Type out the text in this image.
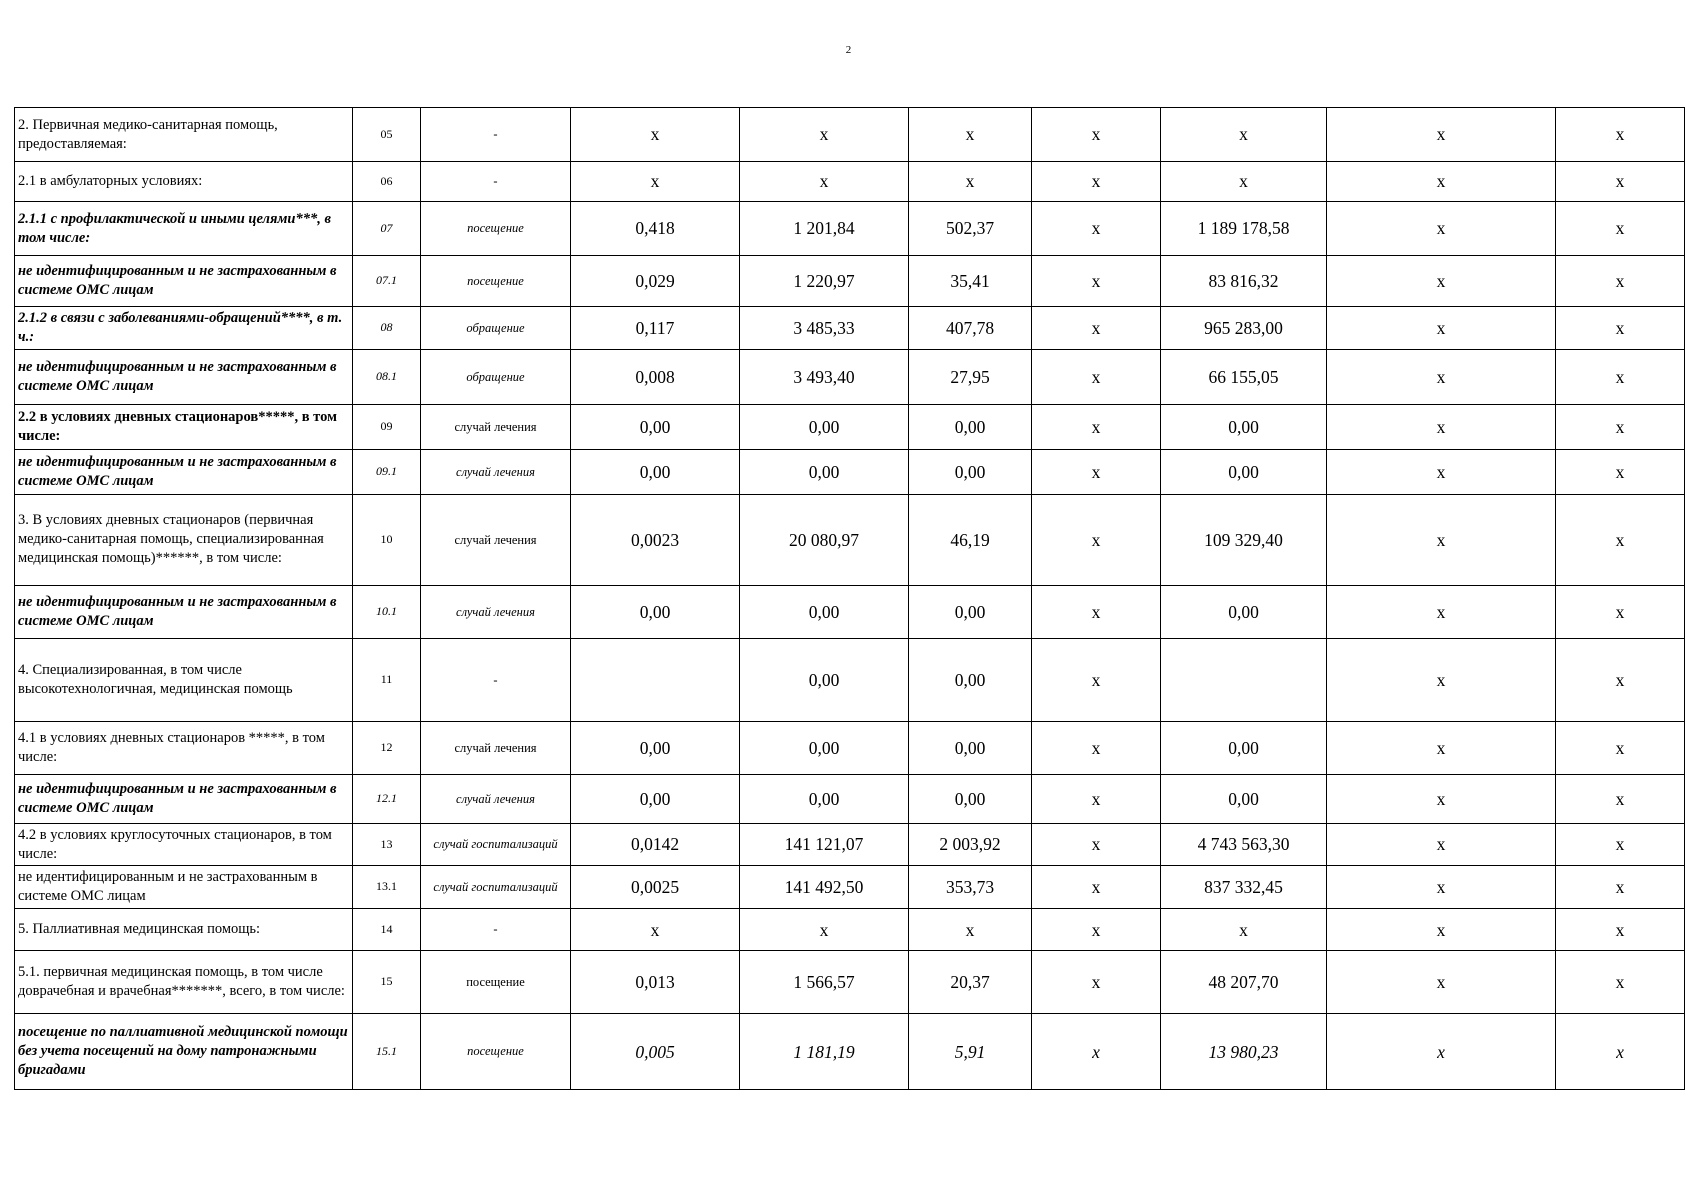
2
2. Первичная медико-санитарная помощь, предоставляемая:	05	-	x	x	x	x	x	x	x
2.1 в амбулаторных условиях:	06	-	x	x	x	x	x	x	x
2.1.1 с профилактической и иными целями***, в том числе:	07	посещение	0,418	1 201,84	502,37	x	1 189 178,58	x	x
не идентифицированным и не застрахованным в системе ОМС лицам	07.1	посещение	0,029	1 220,97	35,41	x	83 816,32	x	x
2.1.2 в связи с заболеваниями-обращений****, в т. ч.:	08	обращение	0,117	3 485,33	407,78	x	965 283,00	x	x
не идентифицированным и не застрахованным в системе ОМС лицам	08.1	обращение	0,008	3 493,40	27,95	x	66 155,05	x	x
2.2 в условиях дневных стационаров*****, в том числе:	09	случай лечения	0,00	0,00	0,00	x	0,00	x	x
не идентифицированным и не застрахованным в системе ОМС лицам	09.1	случай лечения	0,00	0,00	0,00	x	0,00	x	x
3. В условиях дневных стационаров (первичная медико-санитарная помощь, специализированная медицинская помощь)******, в том числе:	10	случай лечения	0,0023	20 080,97	46,19	x	109 329,40	x	x
не идентифицированным и не застрахованным в системе ОМС лицам	10.1	случай лечения	0,00	0,00	0,00	x	0,00	x	x
4. Специализированная, в том числе высокотехнологичная, медицинская помощь	11	-		0,00	0,00	x		x	x
4.1 в условиях дневных стационаров *****, в том числе:	12	случай лечения	0,00	0,00	0,00	x	0,00	x	x
не идентифицированным и не застрахованным в системе ОМС лицам	12.1	случай лечения	0,00	0,00	0,00	x	0,00	x	x
4.2 в условиях круглосуточных стационаров, в том числе:	13	случай госпитализаций	0,0142	141 121,07	2 003,92	x	4 743 563,30	x	x
не идентифицированным и не застрахованным в системе ОМС лицам	13.1	случай госпитализаций	0,0025	141 492,50	353,73	x	837 332,45	x	x
5. Паллиативная медицинская помощь:	14	-	x	x	x	x	x	x	x
5.1. первичная медицинская помощь, в том числе доврачебная и врачебная*******, всего, в том числе:	15	посещение	0,013	1 566,57	20,37	x	48 207,70	x	x
посещение по паллиативной медицинской помощи без учета посещений на дому патронажными бригадами	15.1	посещение	0,005	1 181,19	5,91	x	13 980,23	x	x
